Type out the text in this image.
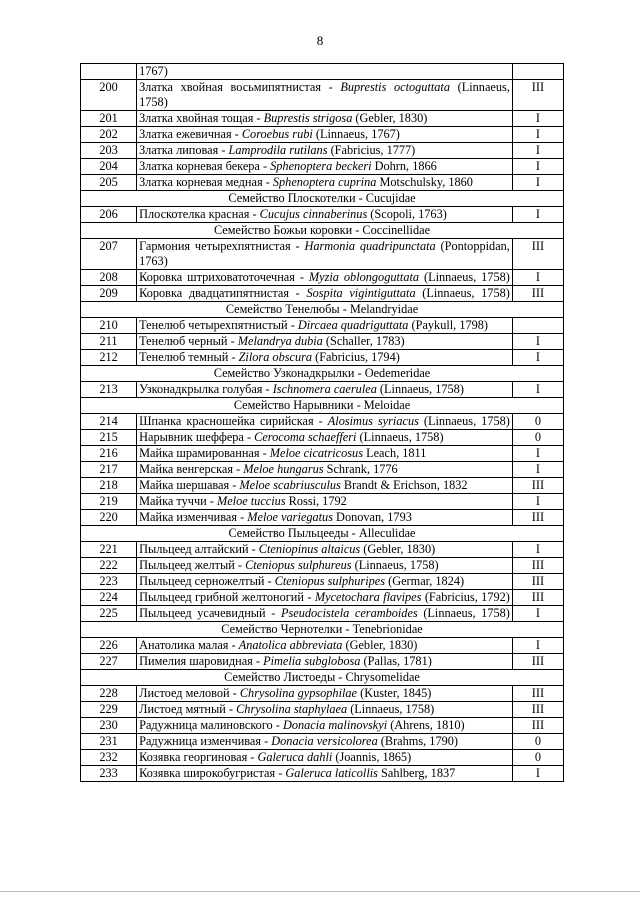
8
	1767)	
200	Златка хвойная восьмипятнистая - Buprestis octoguttata (Linnaeus, 1758)	III
201	Златка хвойная тощая - Buprestis strigosa (Gebler, 1830)	I
202	Златка ежевичная - Coroebus rubi (Linnaeus, 1767)	I
203	Златка липовая - Lamprodila rutilans (Fabricius, 1777)	I
204	Златка корневая бекера - Sphenoptera beckeri Dohrn, 1866	I
205	Златка корневая медная - Sphenoptera cuprina Motschulsky, 1860	I
Семейство Плоскотелки - Cucujidae		
206	Плоскотелка красная - Cucujus cinnaberinus (Scopoli, 1763)	I
Семейство Божьи коровки - Coccinellidae		
207	Гармония четырехпятнистая - Harmonia quadripunctata (Pontoppidan, 1763)	III
208	Коровка штриховатоточечная - Myzia oblongoguttata (Linnaeus, 1758)	I
209	Коровка двадцатипятнистая - Sospita vigintiguttata (Linnaeus, 1758)	III
Семейство Тенелюбы - Melandryidae		
210	Тенелюб четырехпятнистый - Dircaea quadriguttata (Paykull, 1798)	
211	Тенелюб черный - Melandrya dubia (Schaller, 1783)	I
212	Тенелюб темный - Zilora obscura (Fabricius, 1794)	I
Семейство Узконадкрылки - Oedemeridae		
213	Узконадкрылка голубая - Ischnomera caerulea (Linnaeus, 1758)	I
Семейство Нарывники - Meloidae		
214	Шпанка красношейка сирийская - Alosimus syriacus (Linnaeus, 1758)	0
215	Нарывник шеффера - Cerocoma schaefferi (Linnaeus, 1758)	0
216	Майка шрамированная - Meloe cicatricosus Leach, 1811	I
217	Майка венгерская - Meloe hungarus Schrank, 1776	I
218	Майка шершавая - Meloe scabriusculus Brandt & Erichson, 1832	III
219	Майка туччи - Meloe tuccius Rossi, 1792	I
220	Майка изменчивая - Meloe variegatus Donovan, 1793	III
Семейство Пыльцееды - Alleculidae		
221	Пыльцеед алтайский - Cteniopinus altaicus (Gebler, 1830)	I
222	Пыльцеед желтый - Cteniopus sulphureus (Linnaeus, 1758)	III
223	Пыльцеед серножелтый - Cteniopus sulphuripes (Germar, 1824)	III
224	Пыльцеед грибной желтоногий - Mycetochara flavipes (Fabricius, 1792)	III
225	Пыльцеед усачевидный - Pseudocistela ceramboides (Linnaeus, 1758)	I
Семейство Чернотелки - Tenebrionidae		
226	Анатолика малая - Anatolica abbreviata (Gebler, 1830)	I
227	Пимелия шаровидная - Pimelia subglobosa (Pallas, 1781)	III
Семейство Листоеды - Chrysomelidae		
228	Листоед меловой - Chrysolina gypsophilae (Kuster, 1845)	III
229	Листоед мятный - Chrysolina staphylaea (Linnaeus, 1758)	III
230	Радужница малиновского - Donacia malinovskyi (Ahrens, 1810)	III
231	Радужница изменчивая - Donacia versicolorea (Brahms, 1790)	0
232	Козявка георгиновая - Galeruca dahli (Joannis, 1865)	0
233	Козявка широкобугристая - Galeruca laticollis Sahlberg, 1837	I
